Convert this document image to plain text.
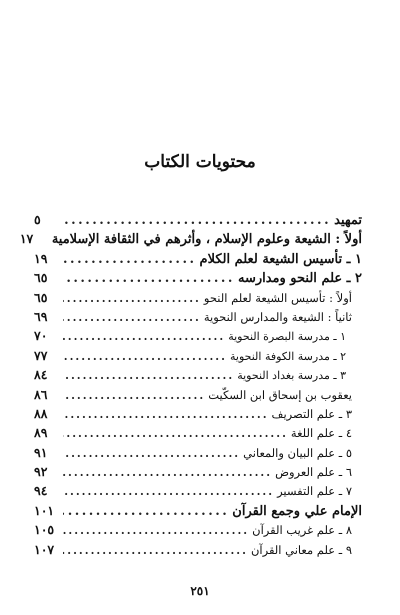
محتويات الكتاب
تمهيد
.....
٥
أولاً : الشيعة وعلوم الإسلام ، وأثرهم في الثقافة الإسلامية
١٧
١ ـ تأسيس الشيعة لعلم الكلام
.....
١٩
٢ ـ علم النحو ومدارسه
.....
٦٥
أولاً : تأسيس الشيعة لعلم النحو
.....
٦٥
ثانياً : الشيعة والمدارس النحوية
.....
٦٩
١ ـ مدرسة البصرة النحوية
.....
٧٠
٢ ـ مدرسة الكوفة النحوية
.....
٧٧
٣ ـ مدرسة بغداد النحوية
.....
٨٤
يعقوب بن إسحاق ابن السكّيت
.....
٨٦
٣ ـ علم التصريف
.....
٨٨
٤ ـ علم اللغة
.....
٨٩
٥ ـ علم البيان والمعاني
.....
٩١
٦ ـ علم العروض
.....
٩٢
٧ ـ علم التفسير
.....
٩٤
الإمام علي وجمع القرآن
.....
١٠١
٨ ـ علم غريب القرآن
.....
١٠٥
٩ ـ علم معاني القرآن
.....
١٠٧
٢٥١
